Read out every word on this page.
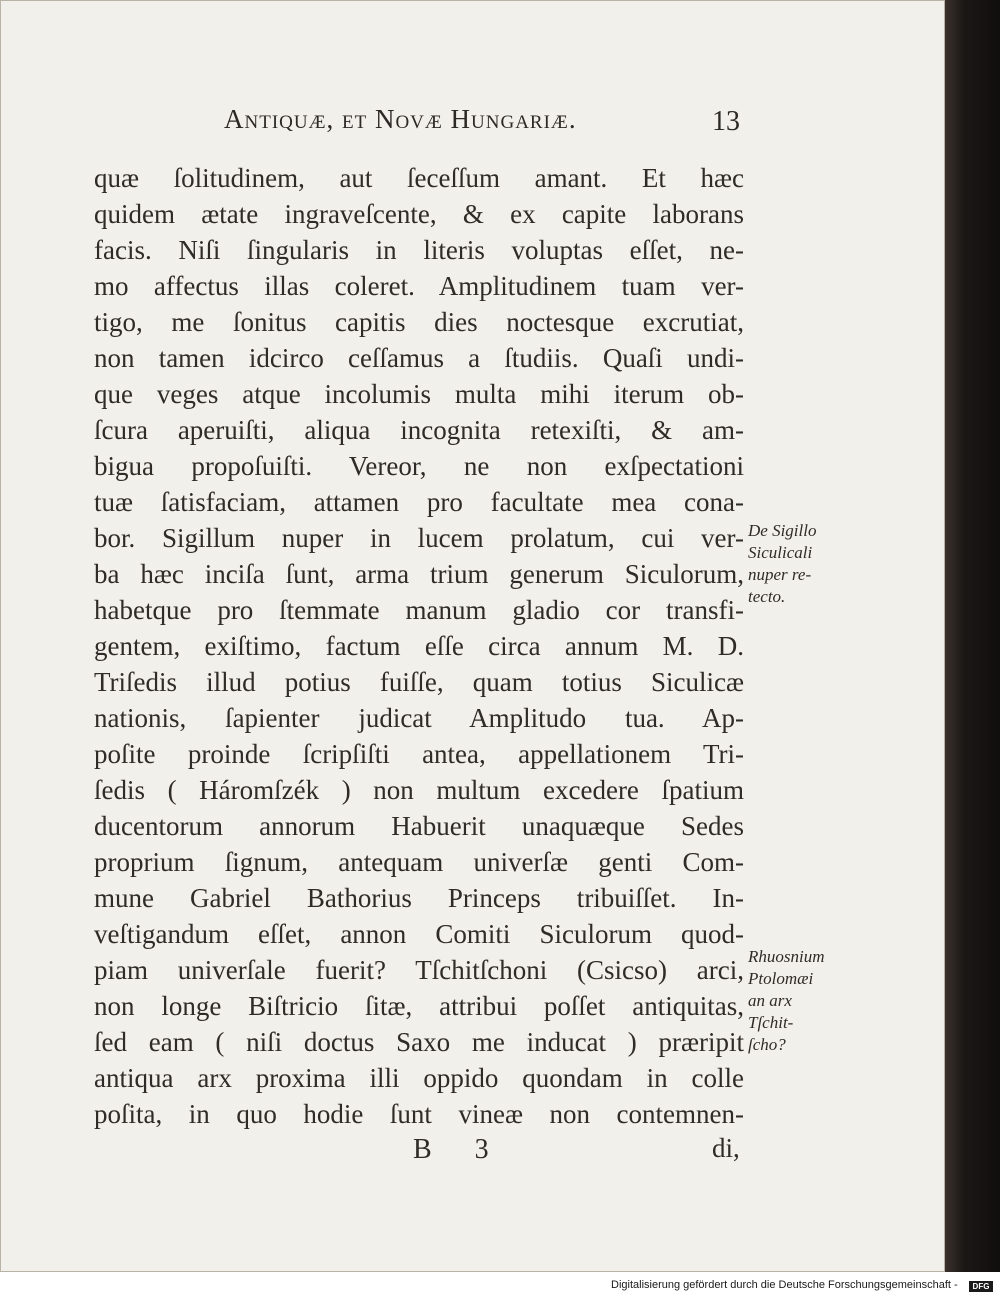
Antiquæ, et Novæ Hungariæ.	13
quæ ſolitudinem, aut ſeceſſum amant. Et hæc
quidem ætate ingraveſcente, & ex capite laborans
facis. Niſi ſingularis in literis voluptas eſſet, ne-
mo affectus illas coleret. Amplitudinem tuam ver-
tigo, me ſonitus capitis dies noctesque excrutiat,
non tamen idcirco ceſſamus a ſtudiis. Quaſi undi-
que veges atque incolumis multa mihi iterum ob-
ſcura aperuiſti, aliqua incognita retexiſti, & am-
bigua propoſuiſti. Vereor, ne non exſpectationi
tuæ ſatisfaciam, attamen pro facultate mea cona-
bor. Sigillum nuper in lucem prolatum, cui ver-
ba hæc inciſa ſunt, arma trium generum Siculorum,
habetque pro ſtemmate manum gladio cor transfi-
gentem, exiſtimo, factum eſſe circa annum M. D.
Triſedis illud potius fuiſſe, quam totius Siculicæ
nationis, ſapienter judicat Amplitudo tua. Ap-
poſite proinde ſcripſiſti antea, appellationem Tri-
ſedis ( Háromſzék ) non multum excedere ſpatium
ducentorum annorum Habuerit unaquæque Sedes
proprium ſignum, antequam univerſæ genti Com-
mune Gabriel Bathorius Princeps tribuiſſet. In-
veſtigandum eſſet, annon Comiti Siculorum quod-
piam univerſale fuerit? Tſchitſchoni (Csicso) arci,
non longe Biſtricio ſitæ, attribui poſſet antiquitas,
ſed eam ( niſi doctus Saxo me inducat ) præripit
antiqua arx proxima illi oppido quondam in colle
poſita, in quo hodie ſunt vineæ non contemnen-
De Sigillo
Siculicali
nuper re-
tecto.
Rhuosnium
Ptolomæi
an arx
Tſchit-
ſcho?
B 3	di,
Digitalisierung gefördert durch die Deutsche Forschungsgemeinschaft -	DFG
